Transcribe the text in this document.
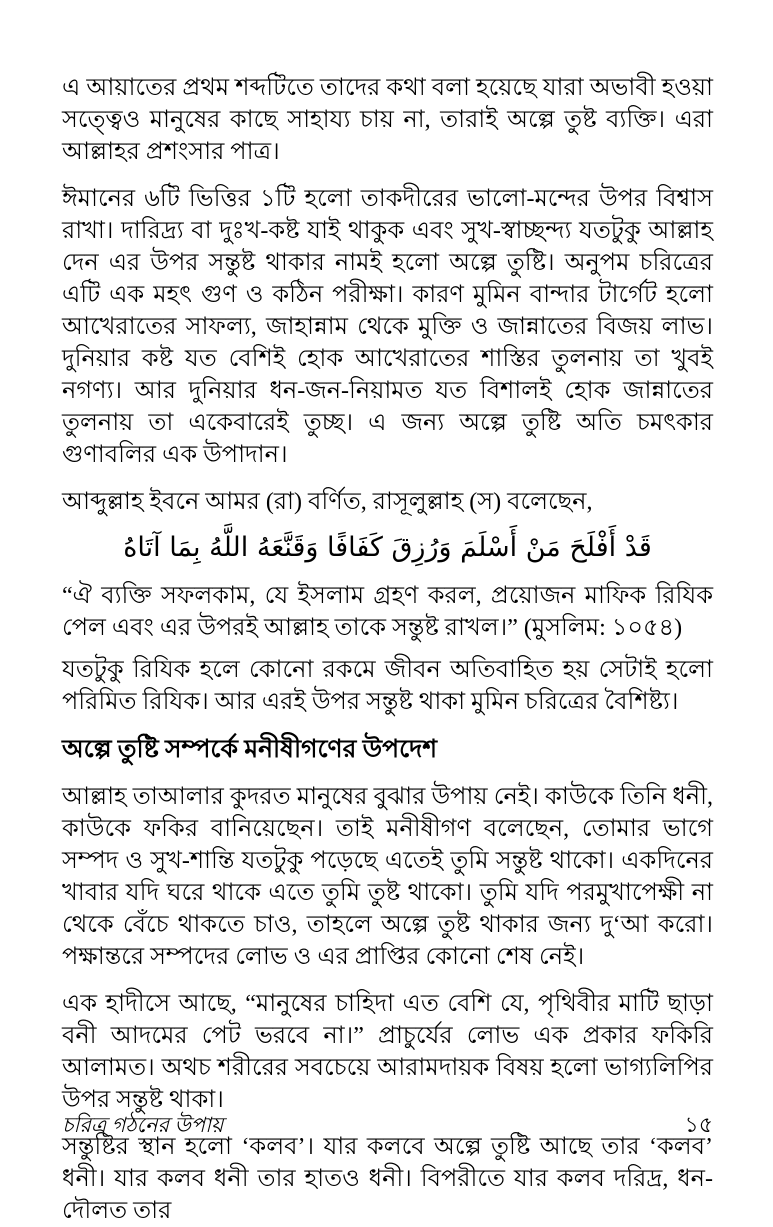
এ আয়াতের প্রথম শব্দটিতে তাদের কথা বলা হয়েছে যারা অভাবী হওয়া সত্ত্বেও মানুষের কাছে সাহায্য চায় না, তারাই অল্পে তুষ্ট ব্যক্তি। এরা আল্লাহর প্রশংসার পাত্র।

ঈমানের ৬টি ভিত্তির ১টি হলো তাকদীরের ভালো-মন্দের উপর বিশ্বাস রাখা। দারিদ্র্য বা দুঃখ-কষ্ট যাই থাকুক এবং সুখ-স্বাচ্ছন্দ্য যতটুকু আল্লাহ দেন এর উপর সন্তুষ্ট থাকার নামই হলো অল্পে তুষ্টি। অনুপম চরিত্রের এটি এক মহৎ গুণ ও কঠিন পরীক্ষা। কারণ মুমিন বান্দার টার্গেট হলো আখেরাতের সাফল্য, জাহান্নাম থেকে মুক্তি ও জান্নাতের বিজয় লাভ। দুনিয়ার কষ্ট যত বেশিই হোক আখেরাতের শাস্তির তুলনায় তা খুবই নগণ্য। আর দুনিয়ার ধন-জন-নিয়ামত যত বিশালই হোক জান্নাতের তুলনায় তা একেবারেই তুচ্ছ। এ জন্য অল্পে তুষ্টি অতি চমৎকার গুণাবলির এক উপাদান।

আব্দুল্লাহ ইবনে আমর (রা) বর্ণিত, রাসূলুল্লাহ (স) বলেছেন,

قَدْ أَفْلَحَ مَنْ أَسْلَمَ وَرُزِقَ كَفَافًا وَقَنَّعَهُ اللَّهُ بِمَا آتَاهُ

“ঐ ব্যক্তি সফলকাম, যে ইসলাম গ্রহণ করল, প্রয়োজন মাফিক রিযিক পেল এবং এর উপরই আল্লাহ তাকে সন্তুষ্ট রাখল।” (মুসলিম: ১০৫৪)

যতটুকু রিযিক হলে কোনো রকমে জীবন অতিবাহিত হয় সেটাই হলো পরিমিত রিযিক। আর এরই উপর সন্তুষ্ট থাকা মুমিন চরিত্রের বৈশিষ্ট্য।

অল্পে তুষ্টি সম্পর্কে মনীষীগণের উপদেশ

আল্লাহ তাআলার কুদরত মানুষের বুঝার উপায় নেই। কাউকে তিনি ধনী, কাউকে ফকির বানিয়েছেন। তাই মনীষীগণ বলেছেন, তোমার ভাগে সম্পদ ও সুখ-শান্তি যতটুকু পড়েছে এতেই তুমি সন্তুষ্ট থাকো। একদিনের খাবার যদি ঘরে থাকে এতে তুমি তুষ্ট থাকো। তুমি যদি পরমুখাপেক্ষী না থেকে বেঁচে থাকতে চাও, তাহলে অল্পে তুষ্ট থাকার জন্য দু‘আ করো। পক্ষান্তরে সম্পদের লোভ ও এর প্রাপ্তির কোনো শেষ নেই।

এক হাদীসে আছে, “মানুষের চাহিদা এত বেশি যে, পৃথিবীর মাটি ছাড়া বনী আদমের পেট ভরবে না।” প্রাচুর্যের লোভ এক প্রকার ফকিরি আলামত। অথচ শরীরের সবচেয়ে আরামদায়ক বিষয় হলো ভাগ্যলিপির উপর সন্তুষ্ট থাকা।

সন্তুষ্টির স্থান হলো ‘কলব’। যার কলবে অল্পে তুষ্টি আছে তার ‘কলব’ ধনী। যার কলব ধনী তার হাতও ধনী। বিপরীতে যার কলব দরিদ্র, ধন-দৌলত তার

চরিত্র গঠনের উপায়	১৫
